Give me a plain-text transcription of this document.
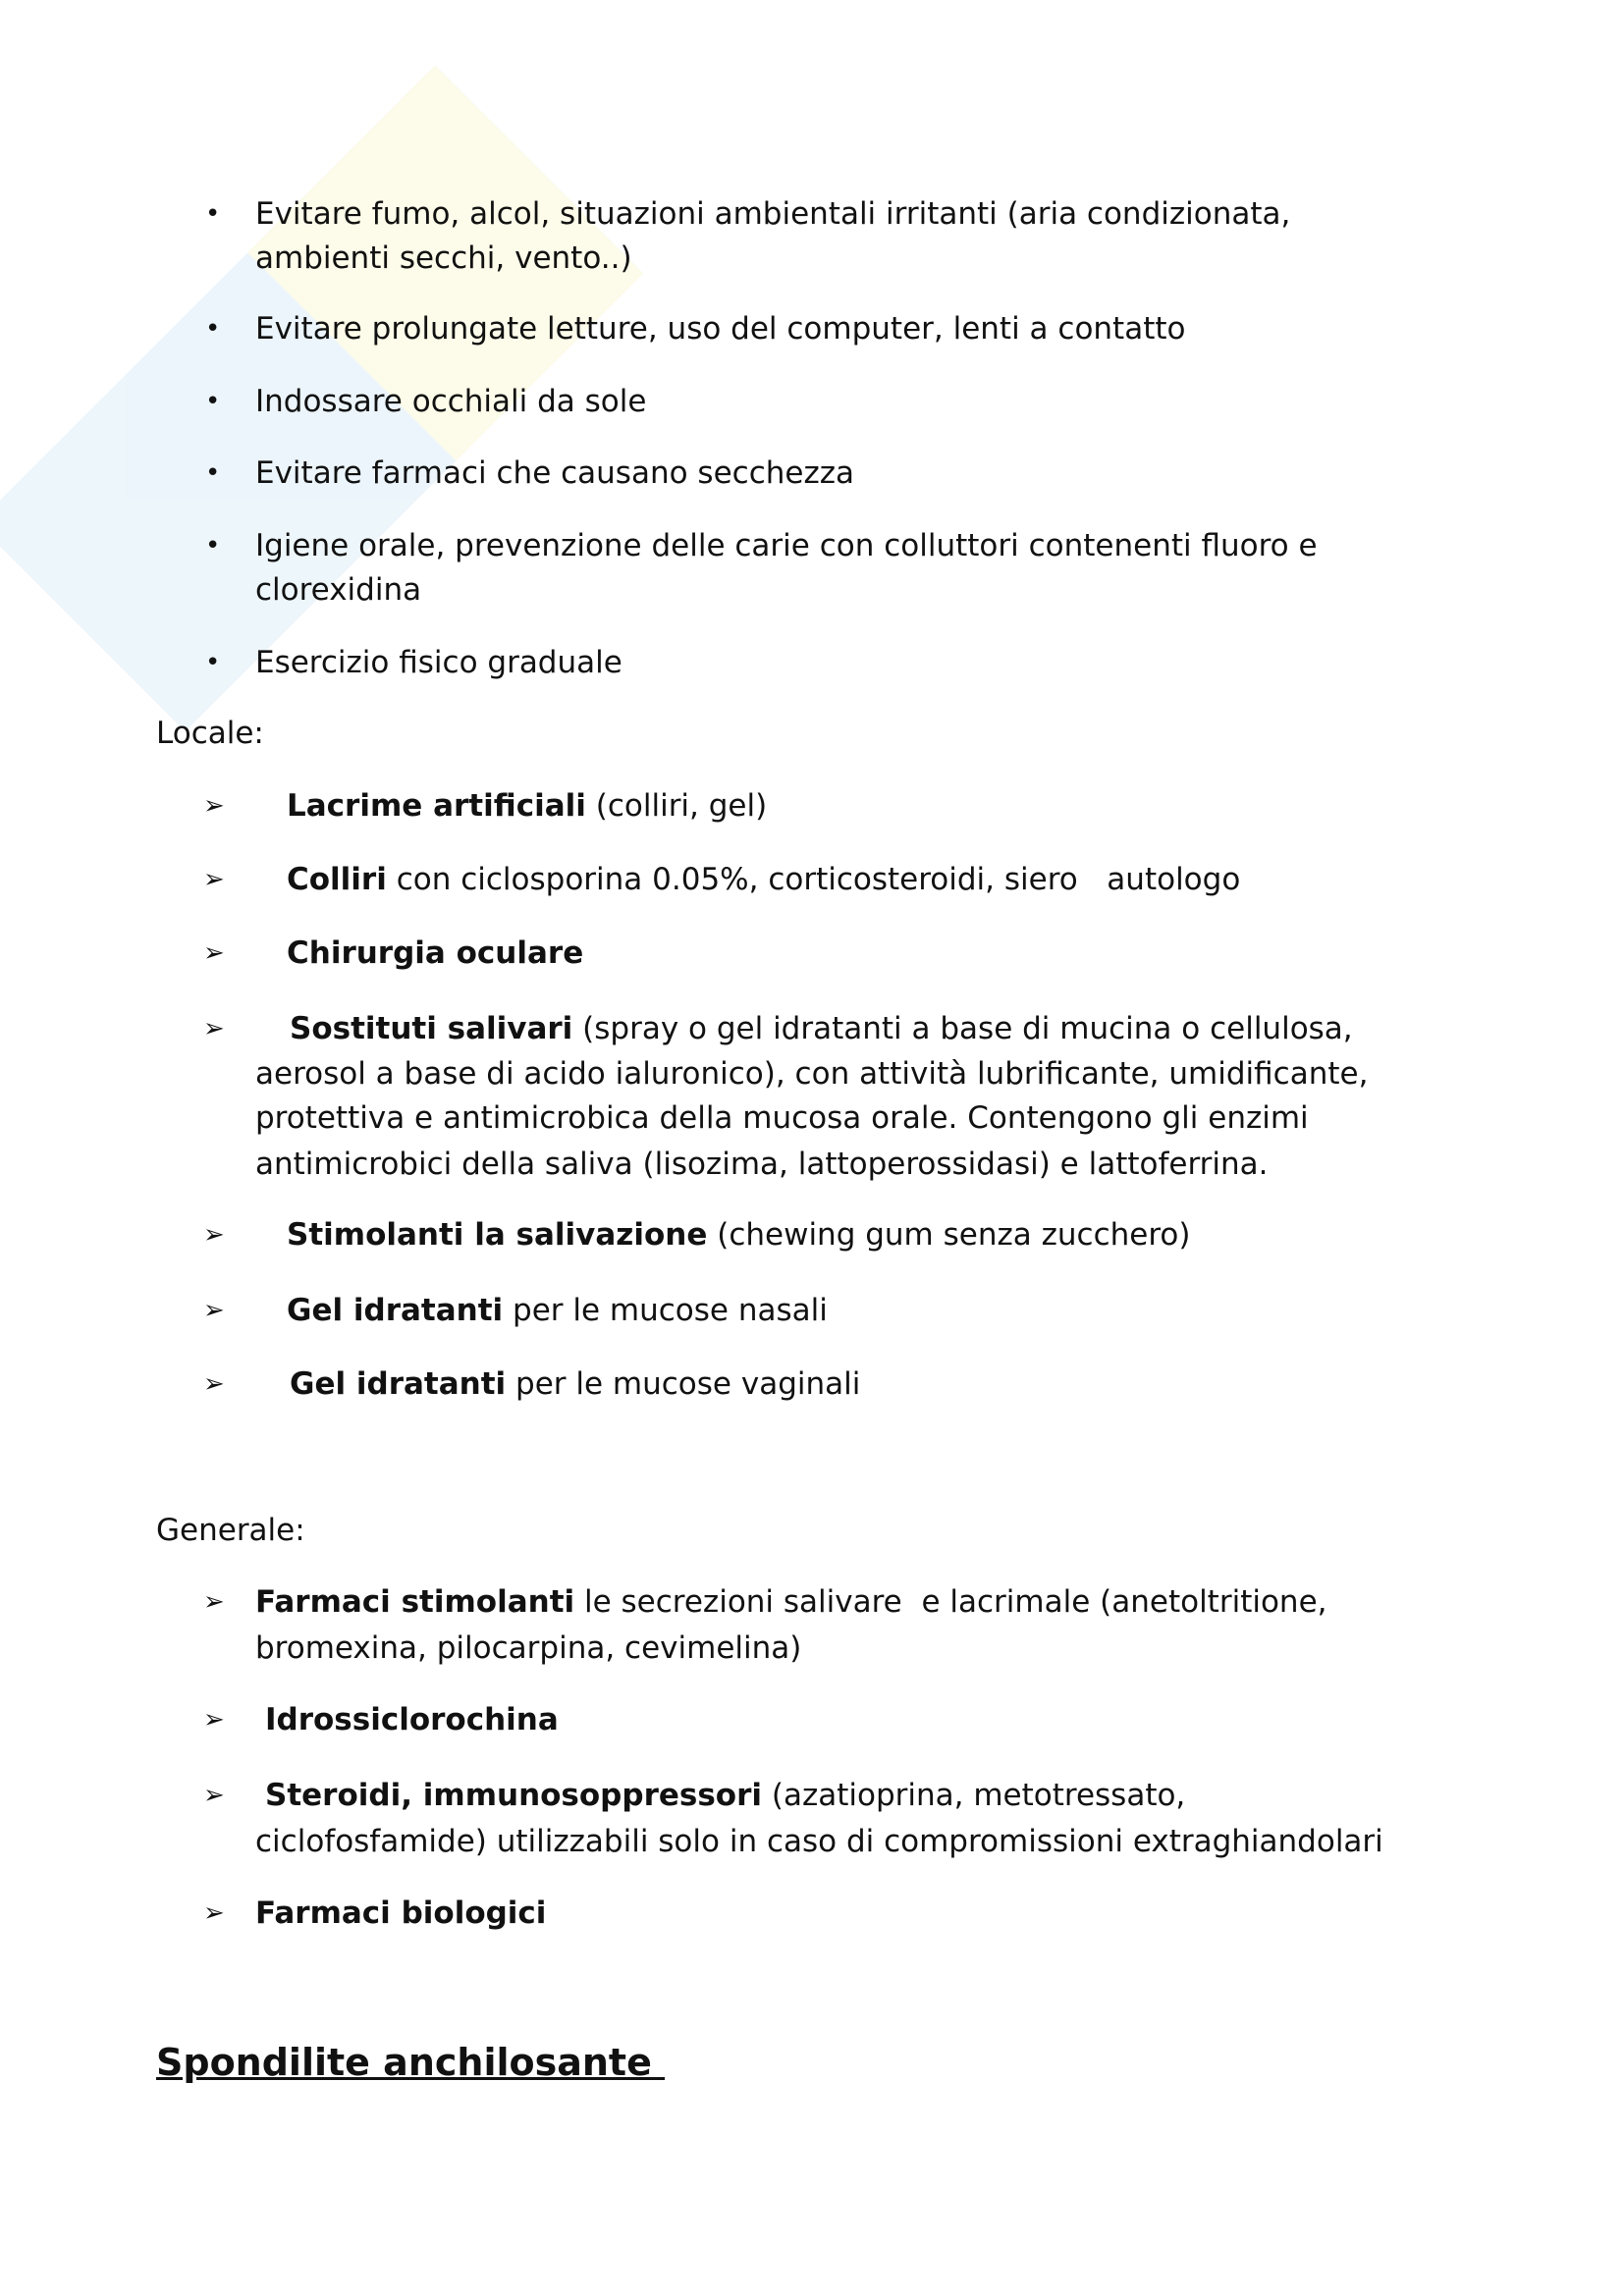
• Evitare fumo, alcol, situazioni ambientali irritanti (aria condizionata,
ambienti secchi, vento..)
• Evitare prolungate letture, uso del computer, lenti a contatto
• Indossare occhiali da sole
• Evitare farmaci che causano secchezza
• Igiene orale, prevenzione delle carie con colluttori contenenti fluoro e
clorexidina
• Esercizio fisico graduale
Locale:
➢ Lacrime artificiali (colliri, gel)
➢ Colliri con ciclosporina 0.05%, corticosteroidi, siero   autologo
➢ Chirurgia oculare
➢ Sostituti salivari (spray o gel idratanti a base di mucina o cellulosa,
aerosol a base di acido ialuronico), con attività lubrificante, umidificante,
protettiva e antimicrobica della mucosa orale. Contengono gli enzimi
antimicrobici della saliva (lisozima, lattoperossidasi) e lattoferrina.
➢ Stimolanti la salivazione (chewing gum senza zucchero)
➢ Gel idratanti per le mucose nasali
➢ Gel idratanti per le mucose vaginali
Generale:
➢ Farmaci stimolanti le secrezioni salivare  e lacrimale (anetoltritione,
bromexina, pilocarpina, cevimelina)
➢ Idrossiclorochina
➢ Steroidi, immunosoppressori (azatioprina, metotressato,
ciclofosfamide) utilizzabili solo in caso di compromissioni extraghiandolari
➢ Farmaci biologici
Spondilite anchilosante
